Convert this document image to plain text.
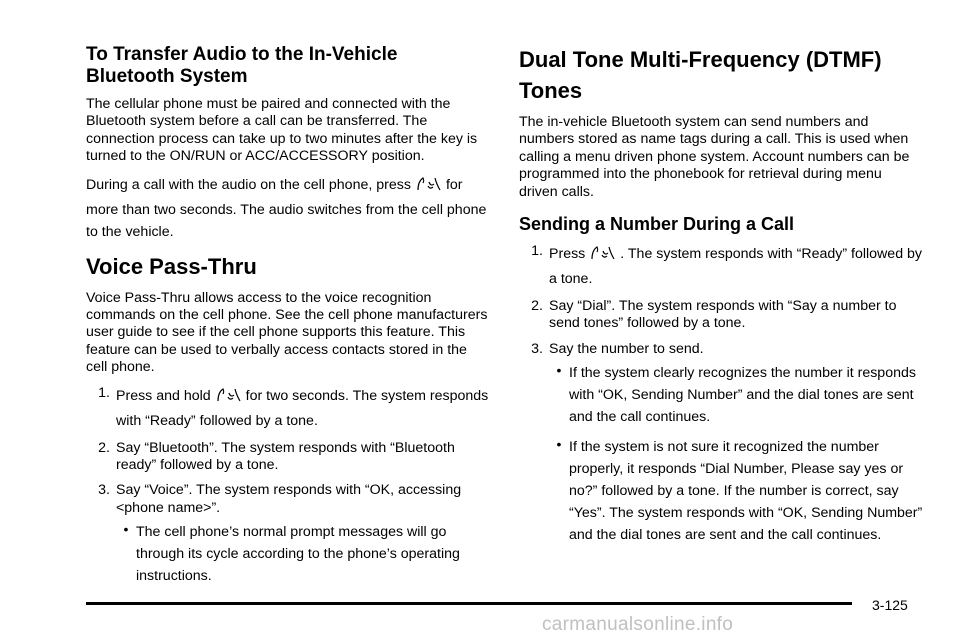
To Transfer Audio to the In-Vehicle Bluetooth System

The cellular phone must be paired and connected with the Bluetooth system before a call can be transferred. The connection process can take up to two minutes after the key is turned to the ON/RUN or ACC/ACCESSORY position.

During a call with the audio on the cell phone, press for more than two seconds. The audio switches from the cell phone to the vehicle.

Voice Pass-Thru

Voice Pass-Thru allows access to the voice recognition commands on the cell phone. See the cell phone manufacturers user guide to see if the cell phone supports this feature. This feature can be used to verbally access contacts stored in the cell phone.

1. Press and hold for two seconds. The system responds with “Ready” followed by a tone.
2. Say “Bluetooth”. The system responds with “Bluetooth ready” followed by a tone.
3. Say “Voice”. The system responds with “OK, accessing <phone name>”.
• The cell phone’s normal prompt messages will go through its cycle according to the phone’s operating instructions.
Dual Tone Multi-Frequency (DTMF) Tones

The in-vehicle Bluetooth system can send numbers and numbers stored as name tags during a call. This is used when calling a menu driven phone system. Account numbers can be programmed into the phonebook for retrieval during menu driven calls.

Sending a Number During a Call
1. Press . The system responds with “Ready” followed by a tone.
2. Say “Dial”. The system responds with “Say a number to send tones” followed by a tone.
3. Say the number to send.
• If the system clearly recognizes the number it responds with “OK, Sending Number” and the dial tones are sent and the call continues.
• If the system is not sure it recognized the number properly, it responds “Dial Number, Please say yes or no?” followed by a tone. If the number is correct, say “Yes”. The system responds with “OK, Sending Number” and the dial tones are sent and the call continues.
3-125
carmanualsonline.info
